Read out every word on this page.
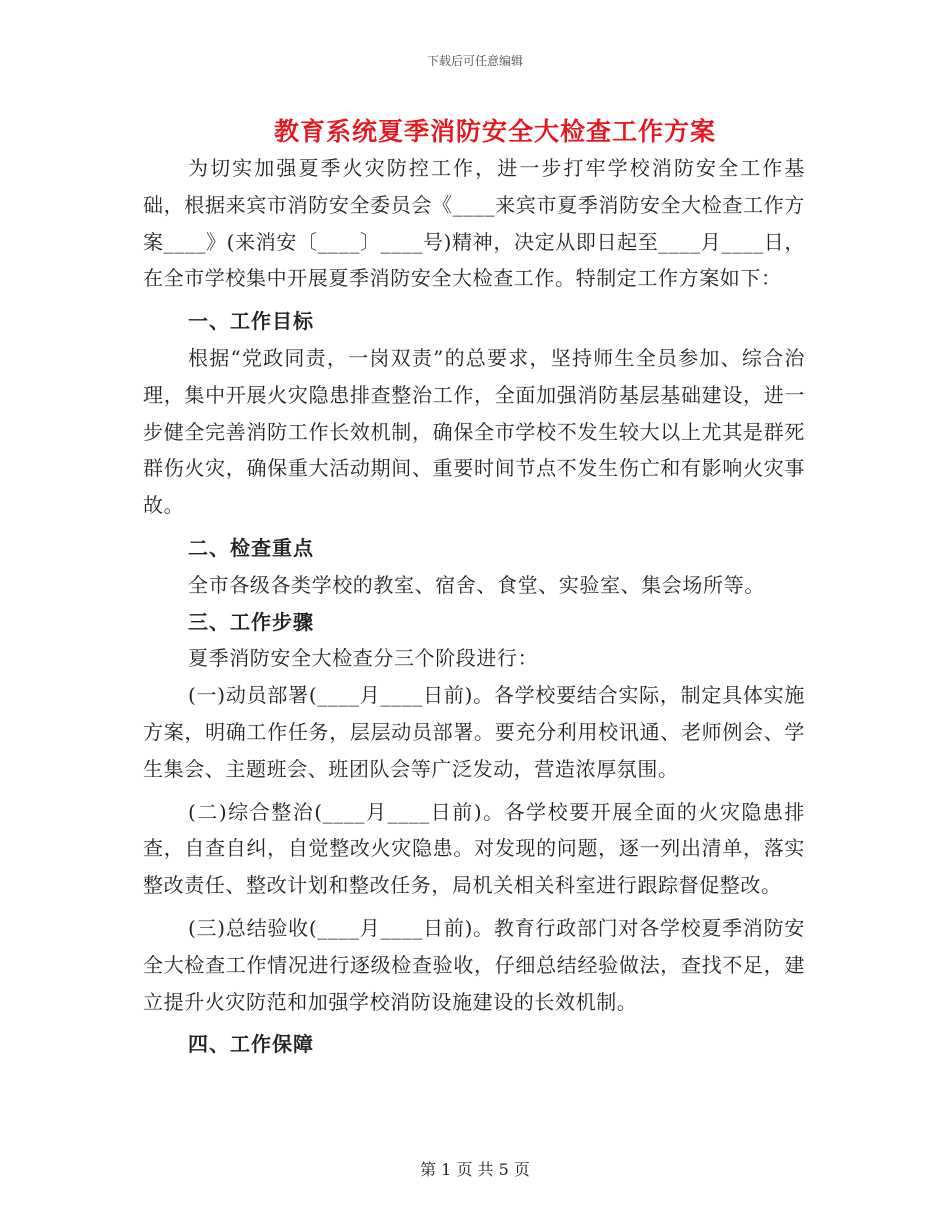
下载后可任意编辑
教育系统夏季消防安全大检查工作方案

为切实加强夏季火灾防控工作，进一步打牢学校消防安全工作基础，根据来宾市消防安全委员会《____来宾市夏季消防安全大检查工作方案____》(来消安〔____〕____号)精神，决定从即日起至____月____日，在全市学校集中开展夏季消防安全大检查工作。特制定工作方案如下：

一、工作目标

根据“党政同责，一岗双责”的总要求，坚持师生全员参加、综合治理，集中开展火灾隐患排查整治工作，全面加强消防基层基础建设，进一步健全完善消防工作长效机制，确保全市学校不发生较大以上尤其是群死群伤火灾，确保重大活动期间、重要时间节点不发生伤亡和有影响火灾事故。

二、检查重点

全市各级各类学校的教室、宿舍、食堂、实验室、集会场所等。

三、工作步骤

夏季消防安全大检查分三个阶段进行：

(一)动员部署(____月____日前)。各学校要结合实际，制定具体实施方案，明确工作任务，层层动员部署。要充分利用校讯通、老师例会、学生集会、主题班会、班团队会等广泛发动，营造浓厚氛围。

(二)综合整治(____月____日前)。各学校要开展全面的火灾隐患排查，自查自纠，自觉整改火灾隐患。对发现的问题，逐一列出清单，落实整改责任、整改计划和整改任务，局机关相关科室进行跟踪督促整改。

(三)总结验收(____月____日前)。教育行政部门对各学校夏季消防安全大检查工作情况进行逐级检查验收，仔细总结经验做法，查找不足，建立提升火灾防范和加强学校消防设施建设的长效机制。

四、工作保障

第 1 页 共 5 页
